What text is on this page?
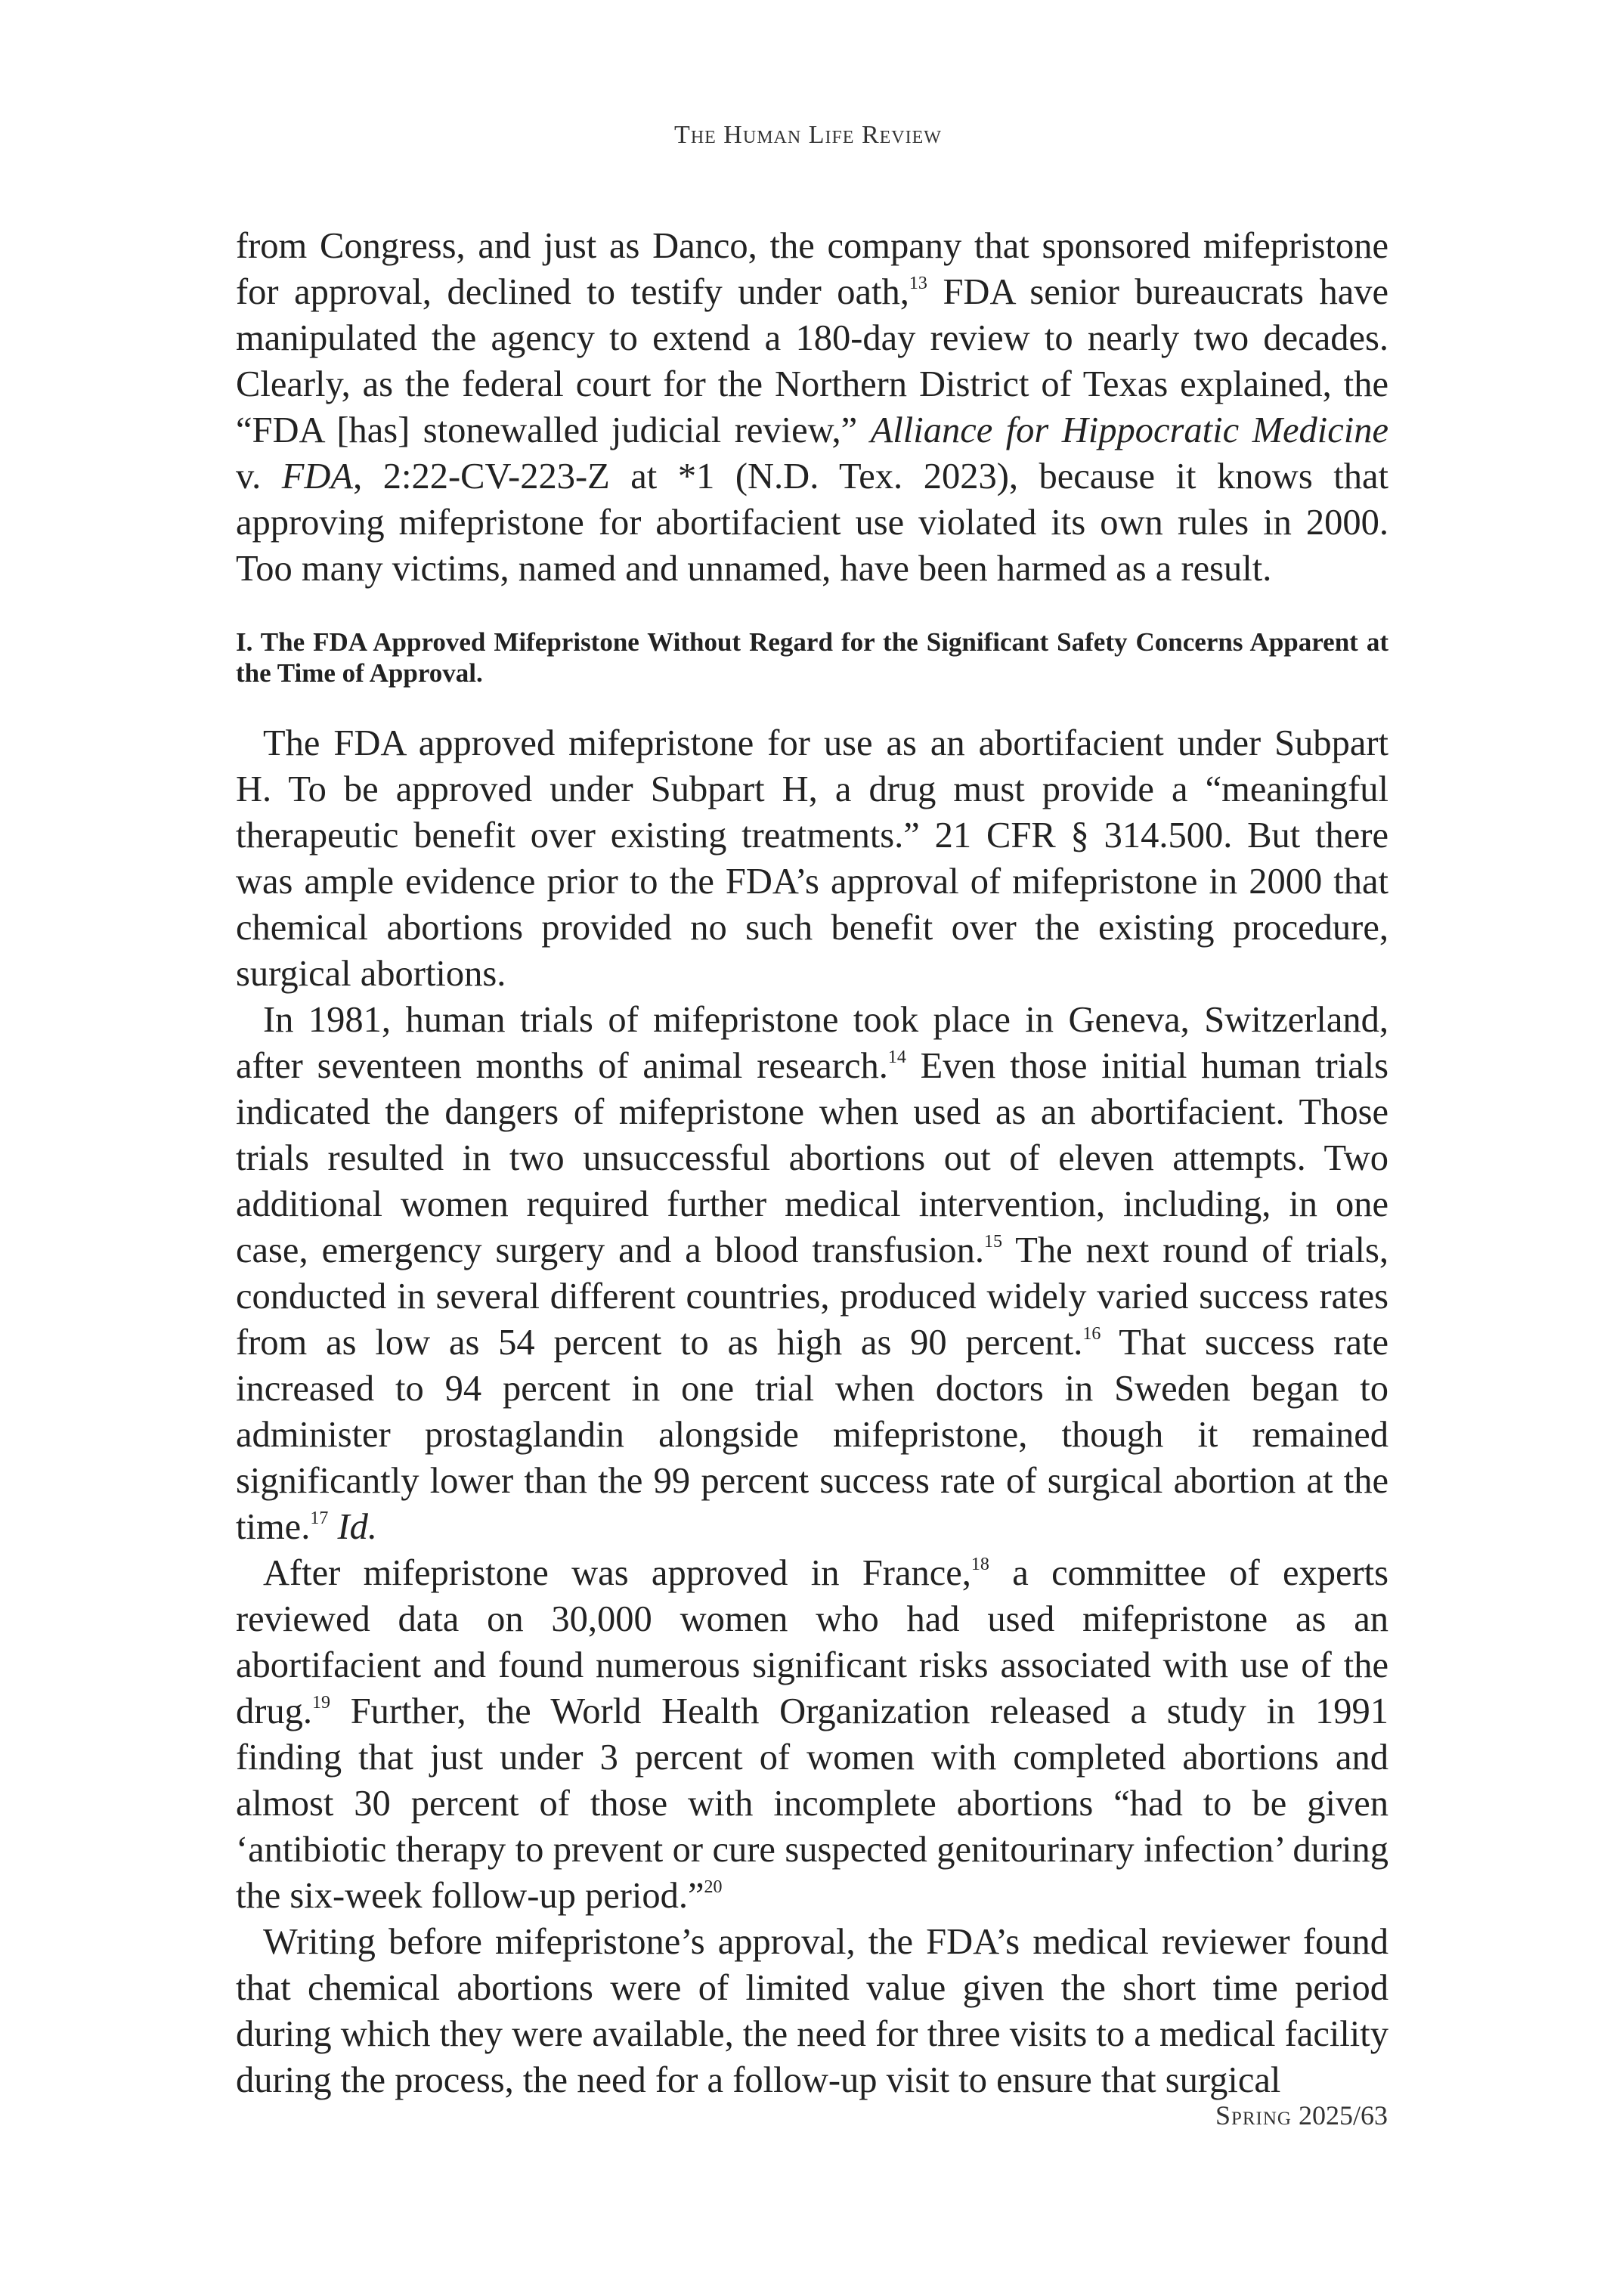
The Human Life Review

from Congress, and just as Danco, the company that sponsored mifepristone for approval, declined to testify under oath,$^{13}$ FDA senior bureaucrats have manipulated the agency to extend a 180-day review to nearly two decades. Clearly, as the federal court for the Northern District of Texas explained, the “FDA [has] stonewalled judicial review,” Alliance for Hippocratic Medicine v. FDA, 2:22-CV-223-Z at *1 (N.D. Tex. 2023), because it knows that approving mifepristone for abortifacient use violated its own rules in 2000. Too many victims, named and unnamed, have been harmed as a result.

I. The FDA Approved Mifepristone Without Regard for the Significant Safety Concerns Apparent at the Time of Approval.

The FDA approved mifepristone for use as an abortifacient under Subpart H. To be approved under Subpart H, a drug must provide a “meaningful therapeutic benefit over existing treatments.” 21 CFR § 314.500. But there was ample evidence prior to the FDA’s approval of mifepristone in 2000 that chemical abortions provided no such benefit over the existing procedure, surgical abortions.

In 1981, human trials of mifepristone took place in Geneva, Switzerland, after seventeen months of animal research.$^{14}$ Even those initial human trials indicated the dangers of mifepristone when used as an abortifacient. Those trials resulted in two unsuccessful abortions out of eleven attempts. Two additional women required further medical intervention, including, in one case, emergency surgery and a blood transfusion.$^{15}$ The next round of trials, conducted in several different countries, produced widely varied success rates from as low as 54 percent to as high as 90 percent.$^{16}$ That success rate increased to 94 percent in one trial when doctors in Sweden began to administer prostaglandin alongside mifepristone, though it remained significantly lower than the 99 percent success rate of surgical abortion at the time.$^{17}$ Id.

After mifepristone was approved in France,$^{18}$ a committee of experts reviewed data on 30,000 women who had used mifepristone as an abortifacient and found numerous significant risks associated with use of the drug.$^{19}$ Further, the World Health Organization released a study in 1991 finding that just under 3 percent of women with completed abortions and almost 30 percent of those with incomplete abortions “had to be given ‘antibiotic therapy to prevent or cure suspected genitourinary infection’ during the six-week follow-up period.”$^{20}$

Writing before mifepristone’s approval, the FDA’s medical reviewer found that chemical abortions were of limited value given the short time period during which they were available, the need for three visits to a medical facility during the process, the need for a follow-up visit to ensure that surgical

Spring 2025/63
